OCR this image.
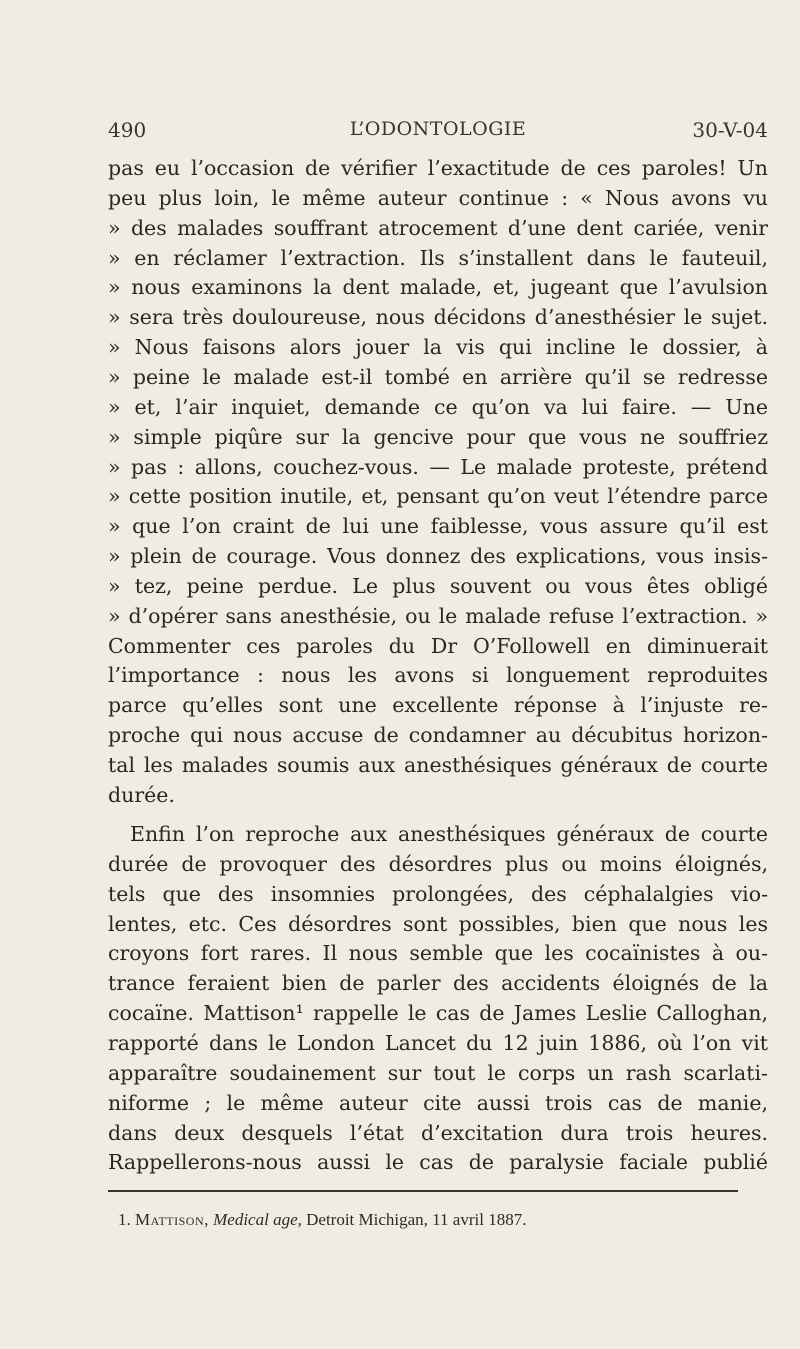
490	L’ODONTOLOGIE	30-V-04
pas eu l’occasion de vérifier l’exactitude de ces paroles! Un
peu plus loin, le même auteur continue : « Nous avons vu
» des malades souffrant atrocement d’une dent cariée, venir
» en réclamer l’extraction. Ils s’installent dans le fauteuil,
» nous examinons la dent malade, et, jugeant que l’avulsion
» sera très douloureuse, nous décidons d’anesthésier le sujet.
» Nous faisons alors jouer la vis qui incline le dossier, à
» peine le malade est-il tombé en arrière qu’il se redresse
» et, l’air inquiet, demande ce qu’on va lui faire. — Une
» simple piqûre sur la gencive pour que vous ne souffriez
» pas : allons, couchez-vous. — Le malade proteste, prétend
» cette position inutile, et, pensant qu’on veut l’étendre parce
» que l’on craint de lui une faiblesse, vous assure qu’il est
» plein de courage. Vous donnez des explications, vous insis-
» tez, peine perdue. Le plus souvent ou vous êtes obligé
» d’opérer sans anesthésie, ou le malade refuse l’extraction. »
Commenter ces paroles du Dr O’Followell en diminuerait
l’importance : nous les avons si longuement reproduites
parce qu’elles sont une excellente réponse à l’injuste re-
proche qui nous accuse de condamner au décubitus horizon-
tal les malades soumis aux anesthésiques généraux de courte
durée.
Enfin l’on reproche aux anesthésiques généraux de courte
durée de provoquer des désordres plus ou moins éloignés,
tels que des insomnies prolongées, des céphalalgies vio-
lentes, etc. Ces désordres sont possibles, bien que nous les
croyons fort rares. Il nous semble que les cocaïnistes à ou-
trance feraient bien de parler des accidents éloignés de la
cocaïne. Mattison¹ rappelle le cas de James Leslie Calloghan,
rapporté dans le London Lancet du 12 juin 1886, où l’on vit
apparaître soudainement sur tout le corps un rash scarlati-
niforme ; le même auteur cite aussi trois cas de manie,
dans deux desquels l’état d’excitation dura trois heures.
Rappellerons-nous aussi le cas de paralysie faciale publié
1. Mattison, Medical age, Detroit Michigan, 11 avril 1887.
